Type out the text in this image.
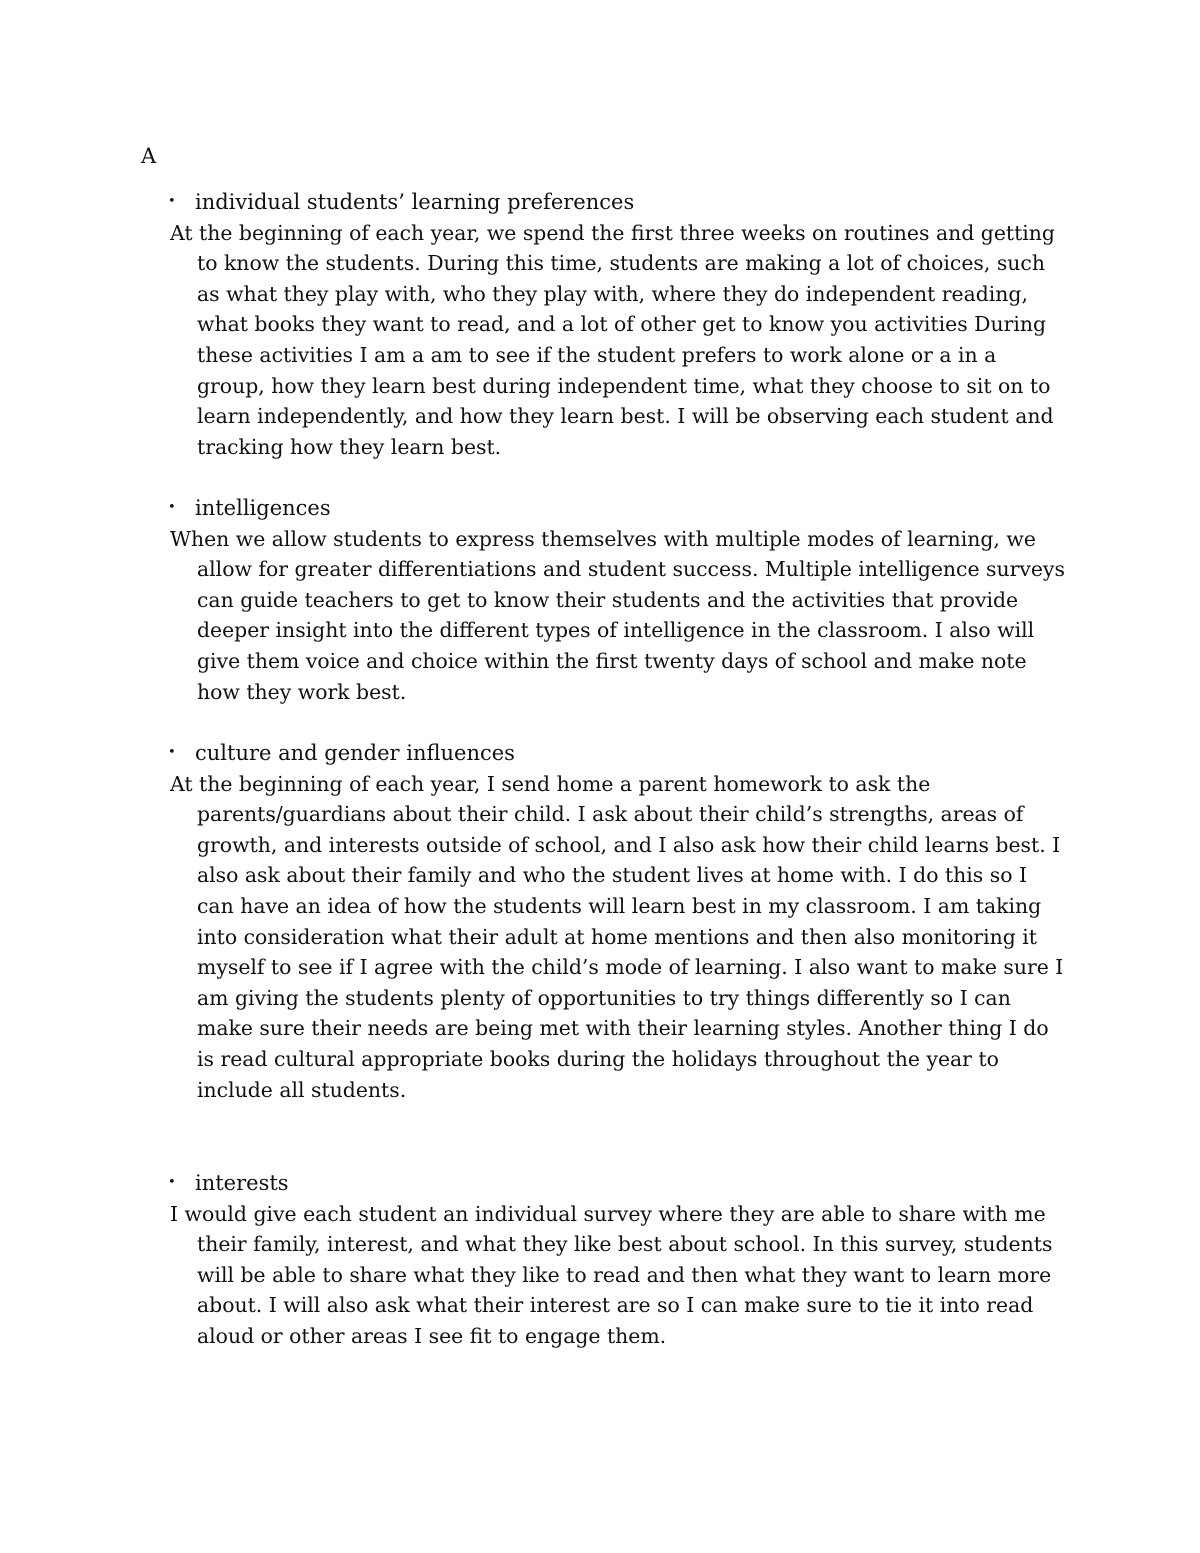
A

• individual students’ learning preferences

At the beginning of each year, we spend the first three weeks on routines and getting to know the students. During this time, students are making a lot of choices, such as what they play with, who they play with, where they do independent reading, what books they want to read, and a lot of other get to know you activities During these activities I am a am to see if the student prefers to work alone or a in a group, how they learn best during independent time, what they choose to sit on to learn independently, and how they learn best. I will be observing each student and tracking how they learn best.

• intelligences

When we allow students to express themselves with multiple modes of learning, we allow for greater differentiations and student success. Multiple intelligence surveys can guide teachers to get to know their students and the activities that provide deeper insight into the different types of intelligence in the classroom. I also will give them voice and choice within the first twenty days of school and make note how they work best.

• culture and gender influences

At the beginning of each year, I send home a parent homework to ask the parents/guardians about their child. I ask about their child’s strengths, areas of growth, and interests outside of school, and I also ask how their child learns best. I also ask about their family and who the student lives at home with. I do this so I can have an idea of how the students will learn best in my classroom. I am taking into consideration what their adult at home mentions and then also monitoring it myself to see if I agree with the child’s mode of learning. I also want to make sure I am giving the students plenty of opportunities to try things differently so I can make sure their needs are being met with their learning styles. Another thing I do is read cultural appropriate books during the holidays throughout the year to include all students.

• interests

I would give each student an individual survey where they are able to share with me their family, interest, and what they like best about school. In this survey, students will be able to share what they like to read and then what they want to learn more about. I will also ask what their interest are so I can make sure to tie it into read aloud or other areas I see fit to engage them.
